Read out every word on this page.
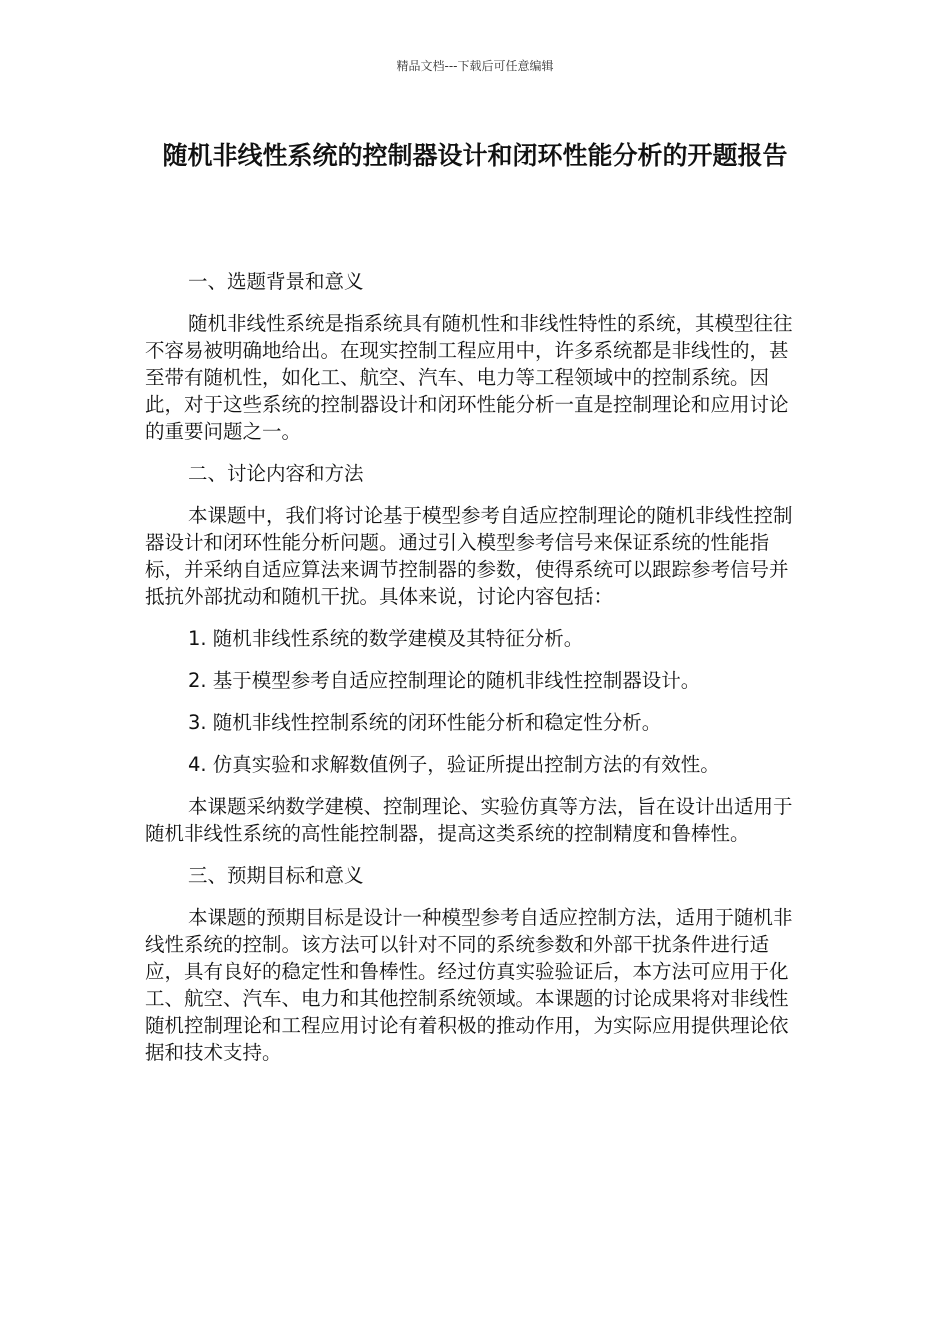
精品文档---下载后可任意编辑
随机非线性系统的控制器设计和闭环性能分析的开题报告

一、选题背景和意义

随机非线性系统是指系统具有随机性和非线性特性的系统，其模型往往不容易被明确地给出。在现实控制工程应用中，许多系统都是非线性的，甚至带有随机性，如化工、航空、汽车、电力等工程领域中的控制系统。因此，对于这些系统的控制器设计和闭环性能分析一直是控制理论和应用讨论的重要问题之一。

二、讨论内容和方法

本课题中，我们将讨论基于模型参考自适应控制理论的随机非线性控制器设计和闭环性能分析问题。通过引入模型参考信号来保证系统的性能指标，并采纳自适应算法来调节控制器的参数，使得系统可以跟踪参考信号并抵抗外部扰动和随机干扰。具体来说，讨论内容包括：

1. 随机非线性系统的数学建模及其特征分析。

2. 基于模型参考自适应控制理论的随机非线性控制器设计。

3. 随机非线性控制系统的闭环性能分析和稳定性分析。

4. 仿真实验和求解数值例子，验证所提出控制方法的有效性。

本课题采纳数学建模、控制理论、实验仿真等方法，旨在设计出适用于随机非线性系统的高性能控制器，提高这类系统的控制精度和鲁棒性。

三、预期目标和意义

本课题的预期目标是设计一种模型参考自适应控制方法，适用于随机非线性系统的控制。该方法可以针对不同的系统参数和外部干扰条件进行适应，具有良好的稳定性和鲁棒性。经过仿真实验验证后，本方法可应用于化工、航空、汽车、电力和其他控制系统领域。本课题的讨论成果将对非线性随机控制理论和工程应用讨论有着积极的推动作用，为实际应用提供理论依据和技术支持。
